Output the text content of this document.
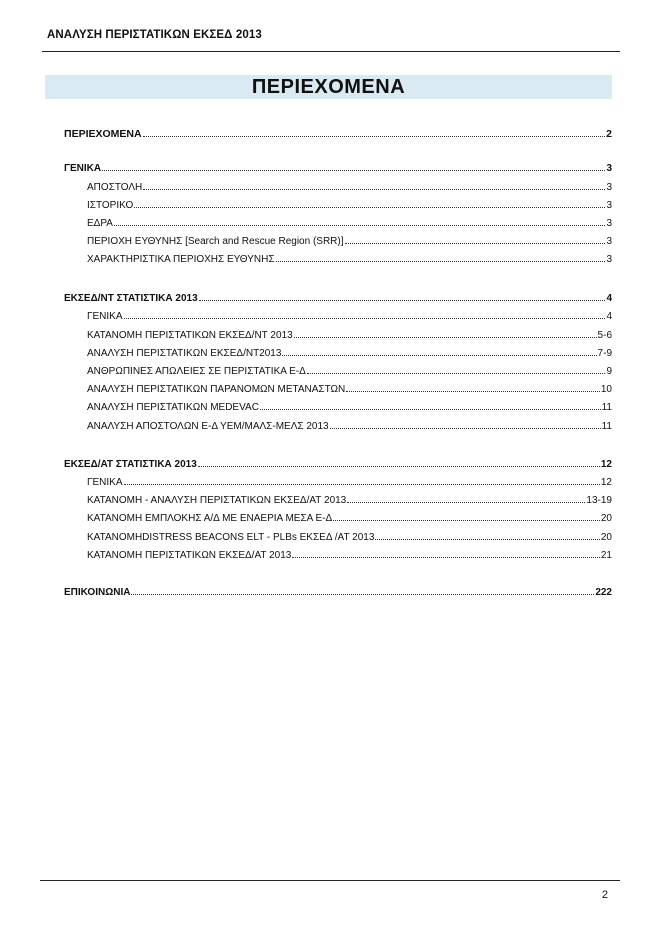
ΑΝΑΛΥΣΗ ΠΕΡΙΣΤΑΤΙΚΩΝ ΕΚΣΕΔ 2013
ΠΕΡΙΕΧΟΜΕΝΑ
ΠΕΡΙΕΧΟΜΕΝΑ	2
ΓΕΝΙΚΑ	3
ΑΠΟΣΤΟΛΗ	3
ΙΣΤΟΡΙΚΟ	3
ΕΔΡΑ	3
ΠΕΡΙΟΧΗ ΕΥΘΥΝΗΣ [Search and Rescue Region (SRR)]	3
ΧΑΡΑΚΤΗΡΙΣΤΙΚΑ ΠΕΡΙΟΧΗΣ ΕΥΘΥΝΗΣ	3
ΕΚΣΕΔ/ΝΤ ΣΤΑΤΙΣΤΙΚΑ 2013	4
ΓΕΝΙΚΑ	4
ΚΑΤΑΝΟΜΗ ΠΕΡΙΣΤΑΤΙΚΩΝ ΕΚΣΕΔ/ΝΤ 2013	5-6
ΑΝΑΛΥΣΗ ΠΕΡΙΣΤΑΤΙΚΩΝ ΕΚΣΕΔ/ΝΤ2013	7-9
ΑΝΘΡΩΠΙΝΕΣ ΑΠΩΛΕΙΕΣ ΣΕ ΠΕΡΙΣΤΑΤΙΚΑ Ε-Δ	9
ΑΝΑΛΥΣΗ ΠΕΡΙΣΤΑΤΙΚΩΝ ΠΑΡΑΝΟΜΩΝ ΜΕΤΑΝΑΣΤΩΝ	10
ΑΝΑΛΥΣΗ ΠΕΡΙΣΤΑΤΙΚΩΝ MEDEVAC	11
ΑΝΑΛΥΣΗ ΑΠΟΣΤΟΛΩΝ Ε-Δ ΥΕΜ/ΜΑΛΣ-ΜΕΛΣ 2013	11
ΕΚΣΕΔ/ΑΤ ΣΤΑΤΙΣΤΙΚΑ 2013	12
ΓΕΝΙΚΑ	12
ΚΑΤΑΝΟΜΗ - ΑΝΑΛΥΣΗ ΠΕΡΙΣΤΑΤΙΚΩΝ ΕΚΣΕΔ/ΑΤ 2013	13-19
ΚΑΤΑΝΟΜΗ ΕΜΠΛΟΚΗΣ Α/Δ ΜΕ ΕΝΑΕΡΙΑ ΜΕΣΑ Ε-Δ	20
ΚΑΤΑΝΟΜΗDISTRESS BEACONS ELT - PLBs ΕΚΣΕΔ /ΑΤ 2013	20
ΚΑΤΑΝΟΜΗ ΠΕΡΙΣΤΑΤΙΚΩΝ ΕΚΣΕΔ/ΑΤ 2013	21
ΕΠΙΚΟΙΝΩΝΙΑ	222
2
